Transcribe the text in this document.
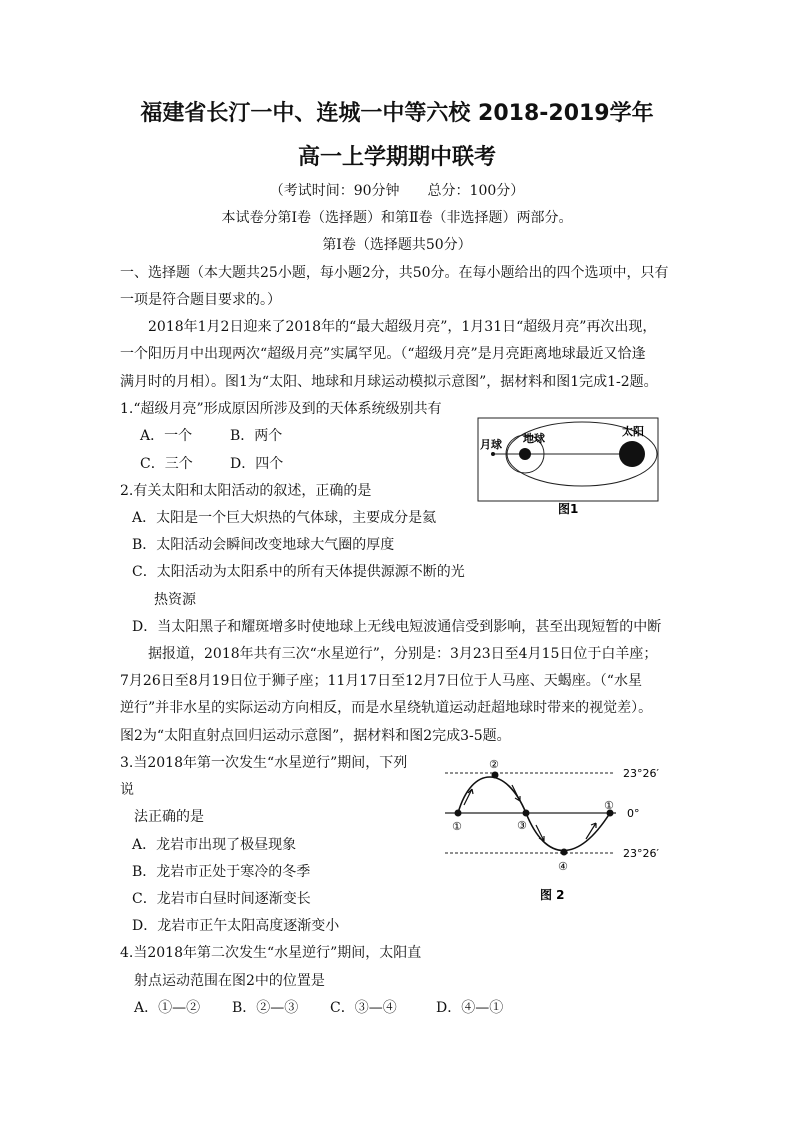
福建省长汀一中、连城一中等六校 2018-2019学年
高一上学期期中联考
（考试时间：90分钟　　总分：100分）
本试卷分第Ⅰ卷（选择题）和第Ⅱ卷（非选择题）两部分。
第Ⅰ卷（选择题共50分）
一、选择题（本大题共25小题，每小题2分，共50分。在每小题给出的四个选项中，只有
一项是符合题目要求的。）
2018年1月2日迎来了2018年的“最大超级月亮”，1月31日“超级月亮”再次出现，
一个阳历月中出现两次“超级月亮”实属罕见。（“超级月亮”是月亮距离地球最近又恰逢
满月时的月相）。图1为“太阳、地球和月球运动模拟示意图”，据材料和图1完成1-2题。
1.“超级月亮”形成原因所涉及到的天体系统级别共有
A．一个	B．两个
C．三个	D．四个
月球 地球
太阳
图1
2.有关太阳和太阳活动的叙述，正确的是
A．太阳是一个巨大炽热的气体球，主要成分是氦
B．太阳活动会瞬间改变地球大气圈的厚度
C．太阳活动为太阳系中的所有天体提供源源不断的光
热资源
D．当太阳黑子和耀斑增多时使地球上无线电短波通信受到影响，甚至出现短暂的中断
据报道，2018年共有三次“水星逆行”，分别是：3月23日至4月15日位于白羊座；
7月26日至8月19日位于狮子座；11月17日至12月7日位于人马座、天蝎座。（“水星
逆行”并非水星的实际运动方向相反，而是水星绕轨道运动赶超地球时带来的视觉差）。
图2为“太阳直射点回归运动示意图”，据材料和图2完成3-5题。
3.当2018年第一次发生“水星逆行”期间，下列
说
法正确的是
A．龙岩市出现了极昼现象
B．龙岩市正处于寒冷的冬季
C．龙岩市白昼时间逐渐变长
D．龙岩市正午太阳高度逐渐变小
①
②
③
④
①
23°26′
0°
23°26′
图 2
4.当2018年第二次发生“水星逆行”期间，太阳直
射点运动范围在图2中的位置是
A．①—② B．②—③ C．③—④	D．④—①
